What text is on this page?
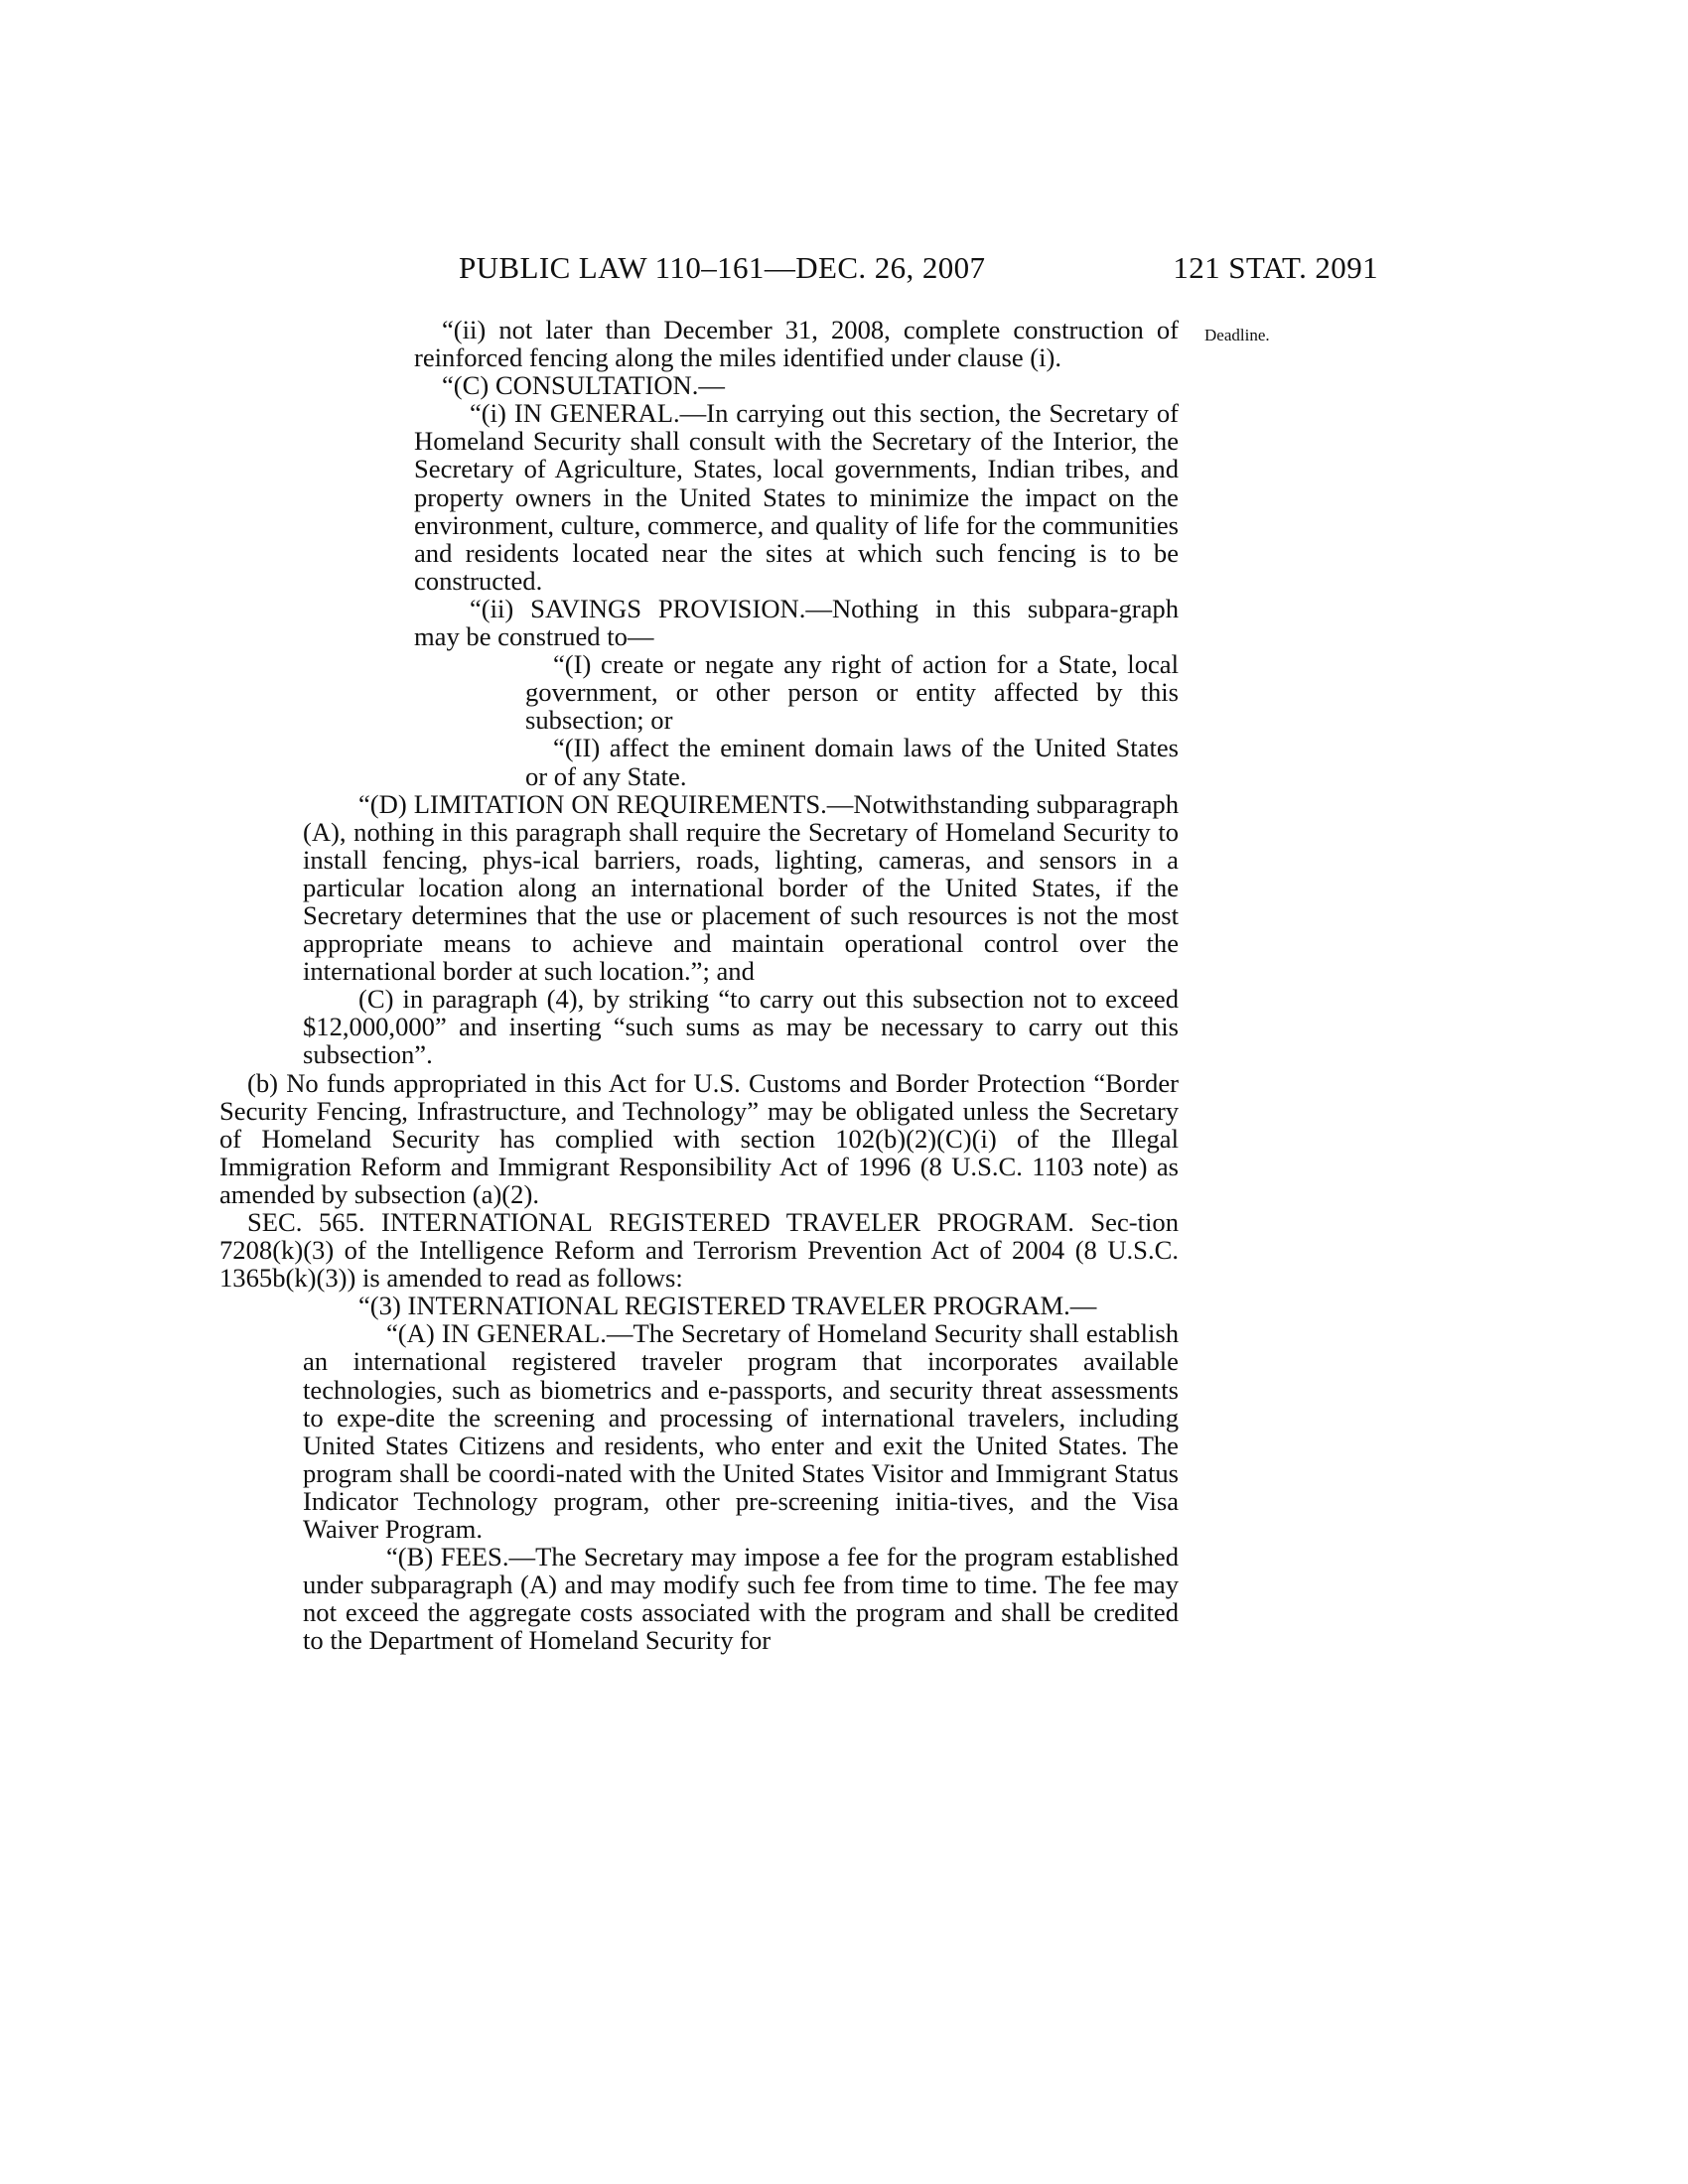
PUBLIC LAW 110–161—DEC. 26, 2007	121 STAT. 2091
Deadline.

“(ii) not later than December 31, 2008, complete construction of reinforced fencing along the miles identified under clause (i).

“(C) CONSULTATION.—

“(i) IN GENERAL.—In carrying out this section, the Secretary of Homeland Security shall consult with the Secretary of the Interior, the Secretary of Agriculture, States, local governments, Indian tribes, and property owners in the United States to minimize the impact on the environment, culture, commerce, and quality of life for the communities and residents located near the sites at which such fencing is to be constructed.

“(ii) SAVINGS PROVISION.—Nothing in this subpara-graph may be construed to—

“(I) create or negate any right of action for a State, local government, or other person or entity affected by this subsection; or

“(II) affect the eminent domain laws of the United States or of any State.

“(D) LIMITATION ON REQUIREMENTS.—Notwithstanding subparagraph (A), nothing in this paragraph shall require the Secretary of Homeland Security to install fencing, phys-ical barriers, roads, lighting, cameras, and sensors in a particular location along an international border of the United States, if the Secretary determines that the use or placement of such resources is not the most appropriate means to achieve and maintain operational control over the international border at such location.”; and

(C) in paragraph (4), by striking “to carry out this subsection not to exceed $12,000,000” and inserting “such sums as may be necessary to carry out this subsection”.

(b) No funds appropriated in this Act for U.S. Customs and Border Protection “Border Security Fencing, Infrastructure, and Technology” may be obligated unless the Secretary of Homeland Security has complied with section 102(b)(2)(C)(i) of the Illegal Immigration Reform and Immigrant Responsibility Act of 1996 (8 U.S.C. 1103 note) as amended by subsection (a)(2).

SEC. 565. INTERNATIONAL REGISTERED TRAVELER PROGRAM. Sec-tion 7208(k)(3) of the Intelligence Reform and Terrorism Prevention Act of 2004 (8 U.S.C. 1365b(k)(3)) is amended to read as follows:

“(3) INTERNATIONAL REGISTERED TRAVELER PROGRAM.—

“(A) IN GENERAL.—The Secretary of Homeland Security shall establish an international registered traveler program that incorporates available technologies, such as biometrics and e-passports, and security threat assessments to expe-dite the screening and processing of international travelers, including United States Citizens and residents, who enter and exit the United States. The program shall be coordi-nated with the United States Visitor and Immigrant Status Indicator Technology program, other pre-screening initia-tives, and the Visa Waiver Program.

“(B) FEES.—The Secretary may impose a fee for the program established under subparagraph (A) and may modify such fee from time to time. The fee may not exceed the aggregate costs associated with the program and shall be credited to the Department of Homeland Security for
